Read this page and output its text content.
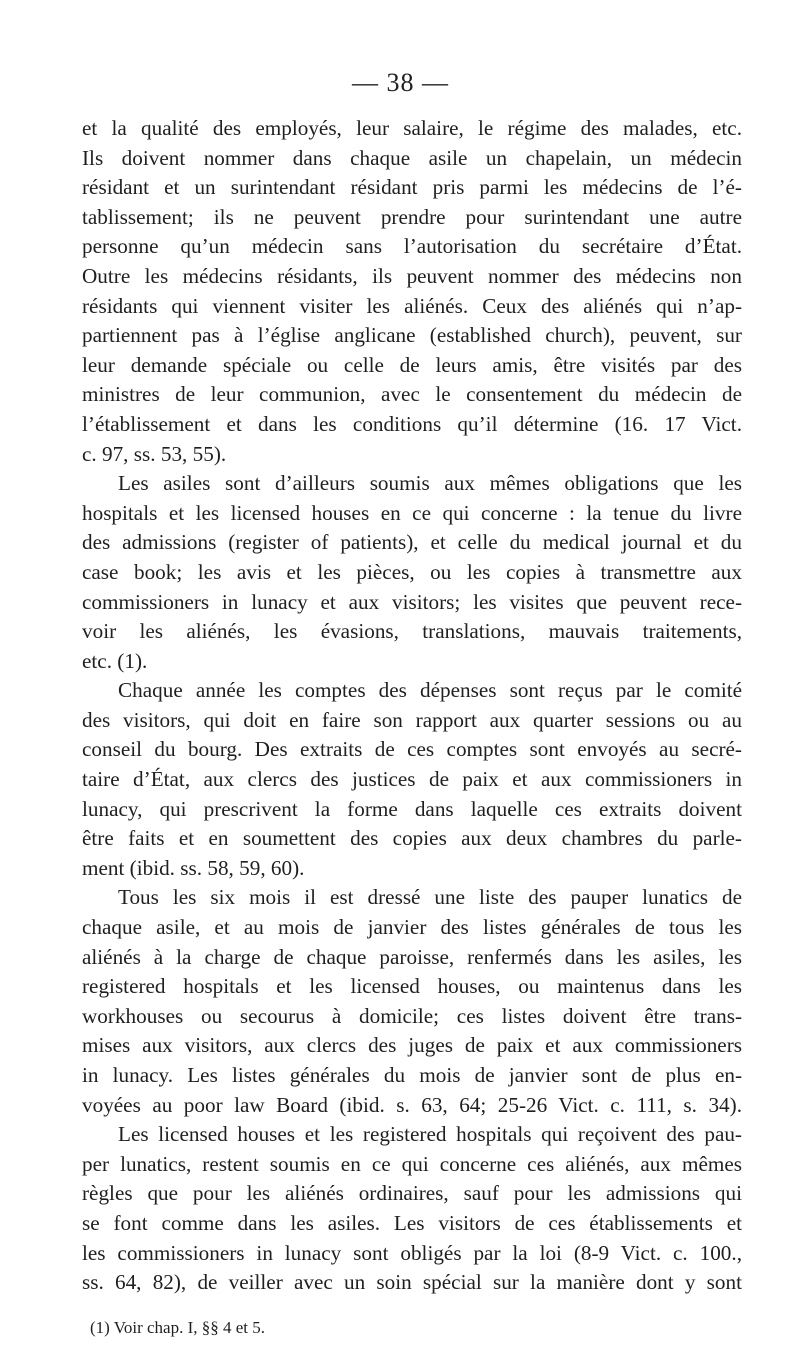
— 38 —
et la qualité des employés, leur salaire, le régime des malades, etc.
Ils doivent nommer dans chaque asile un chapelain, un médecin
résidant et un surintendant résidant pris parmi les médecins de l’é-
tablissement; ils ne peuvent prendre pour surintendant une autre
personne qu’un médecin sans l’autorisation du secrétaire d’État.
Outre les médecins résidants, ils peuvent nommer des médecins non
résidants qui viennent visiter les aliénés. Ceux des aliénés qui n’ap-
partiennent pas à l’église anglicane (established church), peuvent, sur
leur demande spéciale ou celle de leurs amis, être visités par des
ministres de leur communion, avec le consentement du médecin de
l’établissement et dans les conditions qu’il détermine (16. 17 Vict.
c. 97, ss. 53, 55).
Les asiles sont d’ailleurs soumis aux mêmes obligations que les
hospitals et les licensed houses en ce qui concerne : la tenue du livre
des admissions (register of patients), et celle du medical journal et du
case book; les avis et les pièces, ou les copies à transmettre aux
commissioners in lunacy et aux visitors; les visites que peuvent rece-
voir les aliénés, les évasions, translations, mauvais traitements,
etc. (1).
Chaque année les comptes des dépenses sont reçus par le comité
des visitors, qui doit en faire son rapport aux quarter sessions ou au
conseil du bourg. Des extraits de ces comptes sont envoyés au secré-
taire d’État, aux clercs des justices de paix et aux commissioners in
lunacy, qui prescrivent la forme dans laquelle ces extraits doivent
être faits et en soumettent des copies aux deux chambres du parle-
ment (ibid. ss. 58, 59, 60).
Tous les six mois il est dressé une liste des pauper lunatics de
chaque asile, et au mois de janvier des listes générales de tous les
aliénés à la charge de chaque paroisse, renfermés dans les asiles, les
registered hospitals et les licensed houses, ou maintenus dans les
workhouses ou secourus à domicile; ces listes doivent être trans-
mises aux visitors, aux clercs des juges de paix et aux commissioners
in lunacy. Les listes générales du mois de janvier sont de plus en-
voyées au poor law Board (ibid. s. 63, 64; 25-26 Vict. c. 111, s. 34).
Les licensed houses et les registered hospitals qui reçoivent des pau-
per lunatics, restent soumis en ce qui concerne ces aliénés, aux mêmes
règles que pour les aliénés ordinaires, sauf pour les admissions qui
se font comme dans les asiles. Les visitors de ces établissements et
les commissioners in lunacy sont obligés par la loi (8-9 Vict. c. 100.,
ss. 64, 82), de veiller avec un soin spécial sur la manière dont y sont
(1) Voir chap. I, §§ 4 et 5.
